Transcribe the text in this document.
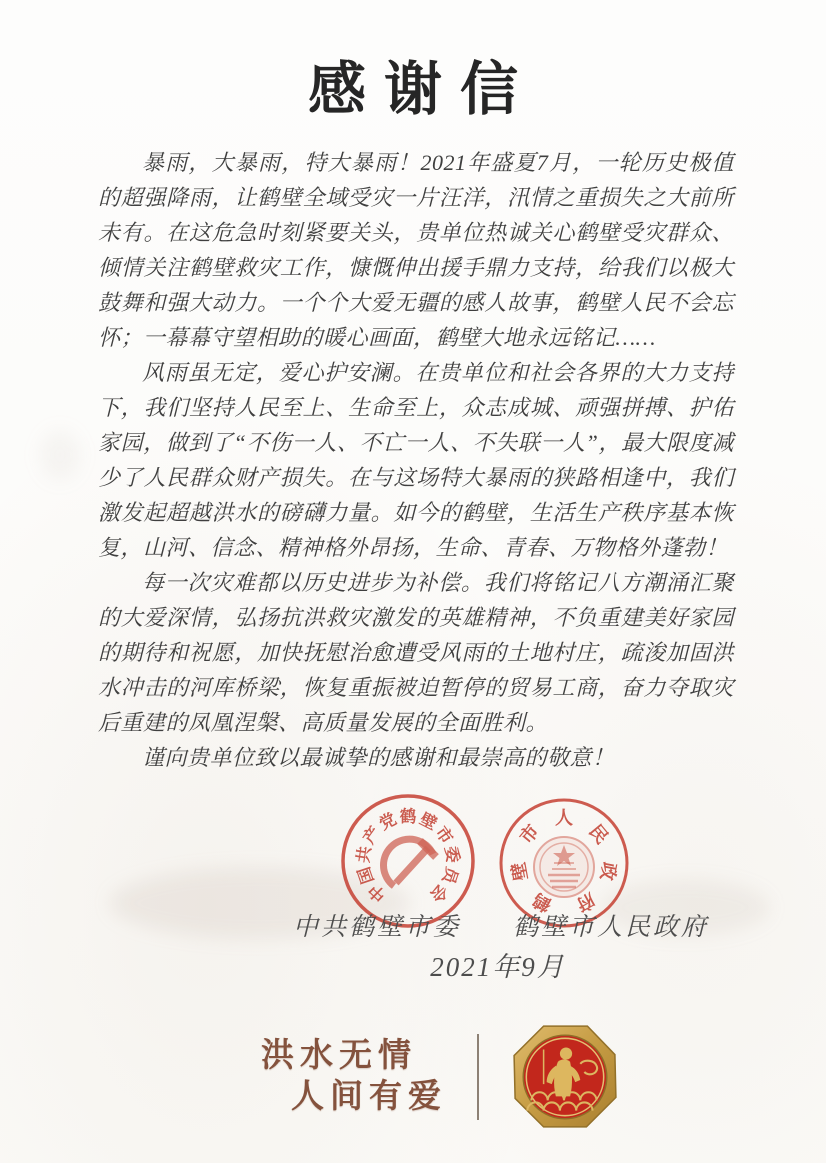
感谢信

暴雨，大暴雨，特大暴雨！2021年盛夏7月，一轮历史极值的超强降雨，让鹤壁全域受灾一片汪洋，汛情之重损失之大前所未有。在这危急时刻紧要关头，贵单位热诚关心鹤壁受灾群众、倾情关注鹤壁救灾工作，慷慨伸出援手鼎力支持，给我们以极大鼓舞和强大动力。一个个大爱无疆的感人故事，鹤壁人民不会忘怀；一幕幕守望相助的暖心画面，鹤壁大地永远铭记……

风雨虽无定，爱心护安澜。在贵单位和社会各界的大力支持下，我们坚持人民至上、生命至上，众志成城、顽强拼搏、护佑家园，做到了“不伤一人、不亡一人、不失联一人”，最大限度减少了人民群众财产损失。在与这场特大暴雨的狭路相逢中，我们激发起超越洪水的磅礴力量。如今的鹤壁，生活生产秩序基本恢复，山河、信念、精神格外昂扬，生命、青春、万物格外蓬勃！

每一次灾难都以历史进步为补偿。我们将铭记八方潮涌汇聚的大爱深情，弘扬抗洪救灾激发的英雄精神，不负重建美好家园的期待和祝愿，加快抚慰治愈遭受风雨的土地村庄，疏浚加固洪水冲击的河库桥梁，恢复重振被迫暂停的贸易工商，奋力夺取灾后重建的凤凰涅槃、高质量发展的全面胜利。

谨向贵单位致以最诚挚的感谢和最崇高的敬意！

中
国
共
产
党 鹤 壁
市
委
员
会	鹤
壁
市
人
民
政
府
中共鹤壁市委 鹤壁市人民政府
2021年9月
洪水无情
人间有爱
